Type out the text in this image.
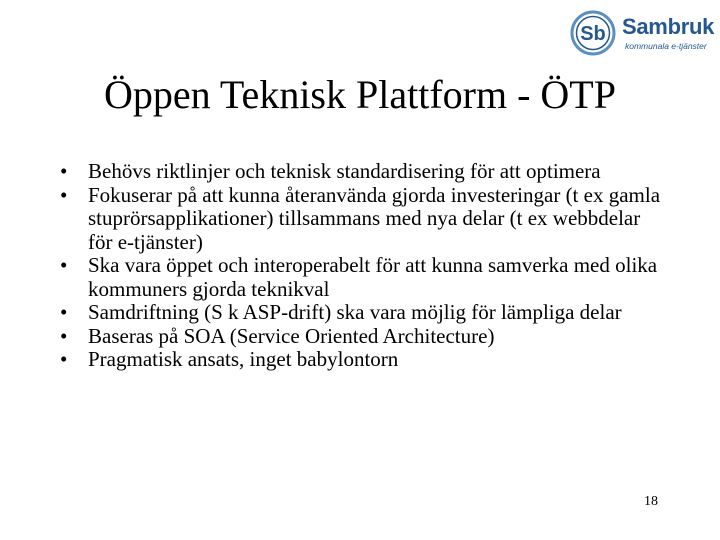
Sb Sambruk
kommunala e-tjänster
Öppen Teknisk Plattform - ÖTP
• Behövs riktlinjer och teknisk standardisering för att optimera
• Fokuserar på att kunna återanvända gjorda investeringar (t ex gamla stuprörsapplikationer) tillsammans med nya delar (t ex webbdelar för e-tjänster)
• Ska vara öppet och interoperabelt för att kunna samverka med olika kommuners gjorda teknikval
• Samdriftning (S k ASP-drift) ska vara möjlig för lämpliga delar
• Baseras på SOA (Service Oriented Architecture)
• Pragmatisk ansats, inget babylontorn
18
